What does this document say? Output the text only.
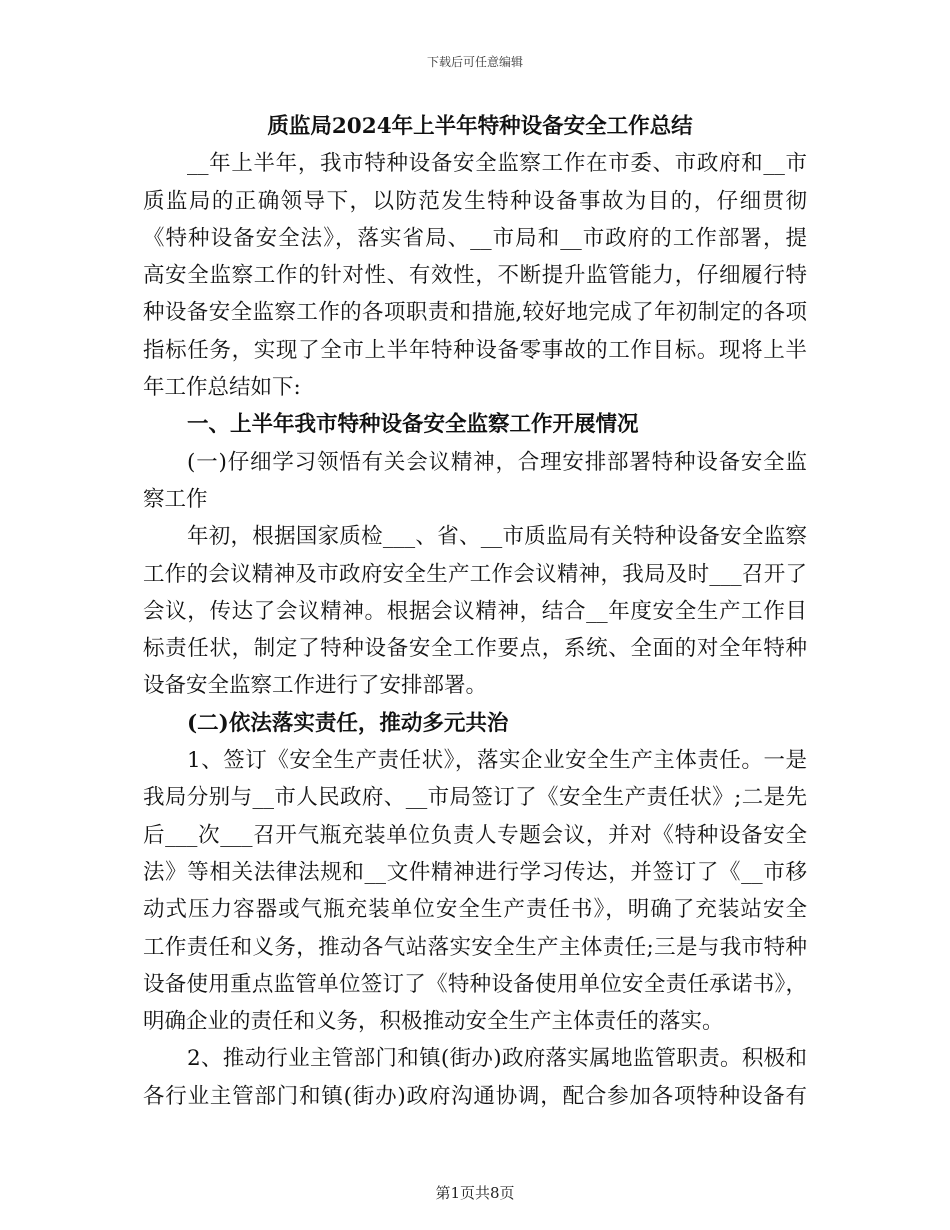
下载后可任意编辑
质监局2024年上半年特种设备安全工作总结
__年上半年，我市特种设备安全监察工作在市委、市政府和__市
质监局的正确领导下，以防范发生特种设备事故为目的，仔细贯彻
《特种设备安全法》，落实省局、__市局和__市政府的工作部署，提
高安全监察工作的针对性、有效性，不断提升监管能力，仔细履行特
种设备安全监察工作的各项职责和措施,较好地完成了年初制定的各项
指标任务，实现了全市上半年特种设备零事故的工作目标。现将上半
年工作总结如下:
一、上半年我市特种设备安全监察工作开展情况
(一)仔细学习领悟有关会议精神，合理安排部署特种设备安全监
察工作
年初，根据国家质检___、省、__市质监局有关特种设备安全监察
工作的会议精神及市政府安全生产工作会议精神，我局及时___召开了
会议，传达了会议精神。根据会议精神，结合__年度安全生产工作目
标责任状，制定了特种设备安全工作要点，系统、全面的对全年特种
设备安全监察工作进行了安排部署。
(二)依法落实责任，推动多元共治
1、签订《安全生产责任状》，落实企业安全生产主体责任。一是
我局分别与__市人民政府、__市局签订了《安全生产责任状》;二是先
后___次___召开气瓶充装单位负责人专题会议，并对《特种设备安全
法》等相关法律法规和__文件精神进行学习传达，并签订了《__市移
动式压力容器或气瓶充装单位安全生产责任书》，明确了充装站安全
工作责任和义务，推动各气站落实安全生产主体责任;三是与我市特种
设备使用重点监管单位签订了《特种设备使用单位安全责任承诺书》，
明确企业的责任和义务，积极推动安全生产主体责任的落实。
2、推动行业主管部门和镇(街办)政府落实属地监管职责。积极和
各行业主管部门和镇(街办)政府沟通协调，配合参加各项特种设备有
第1页共8页
